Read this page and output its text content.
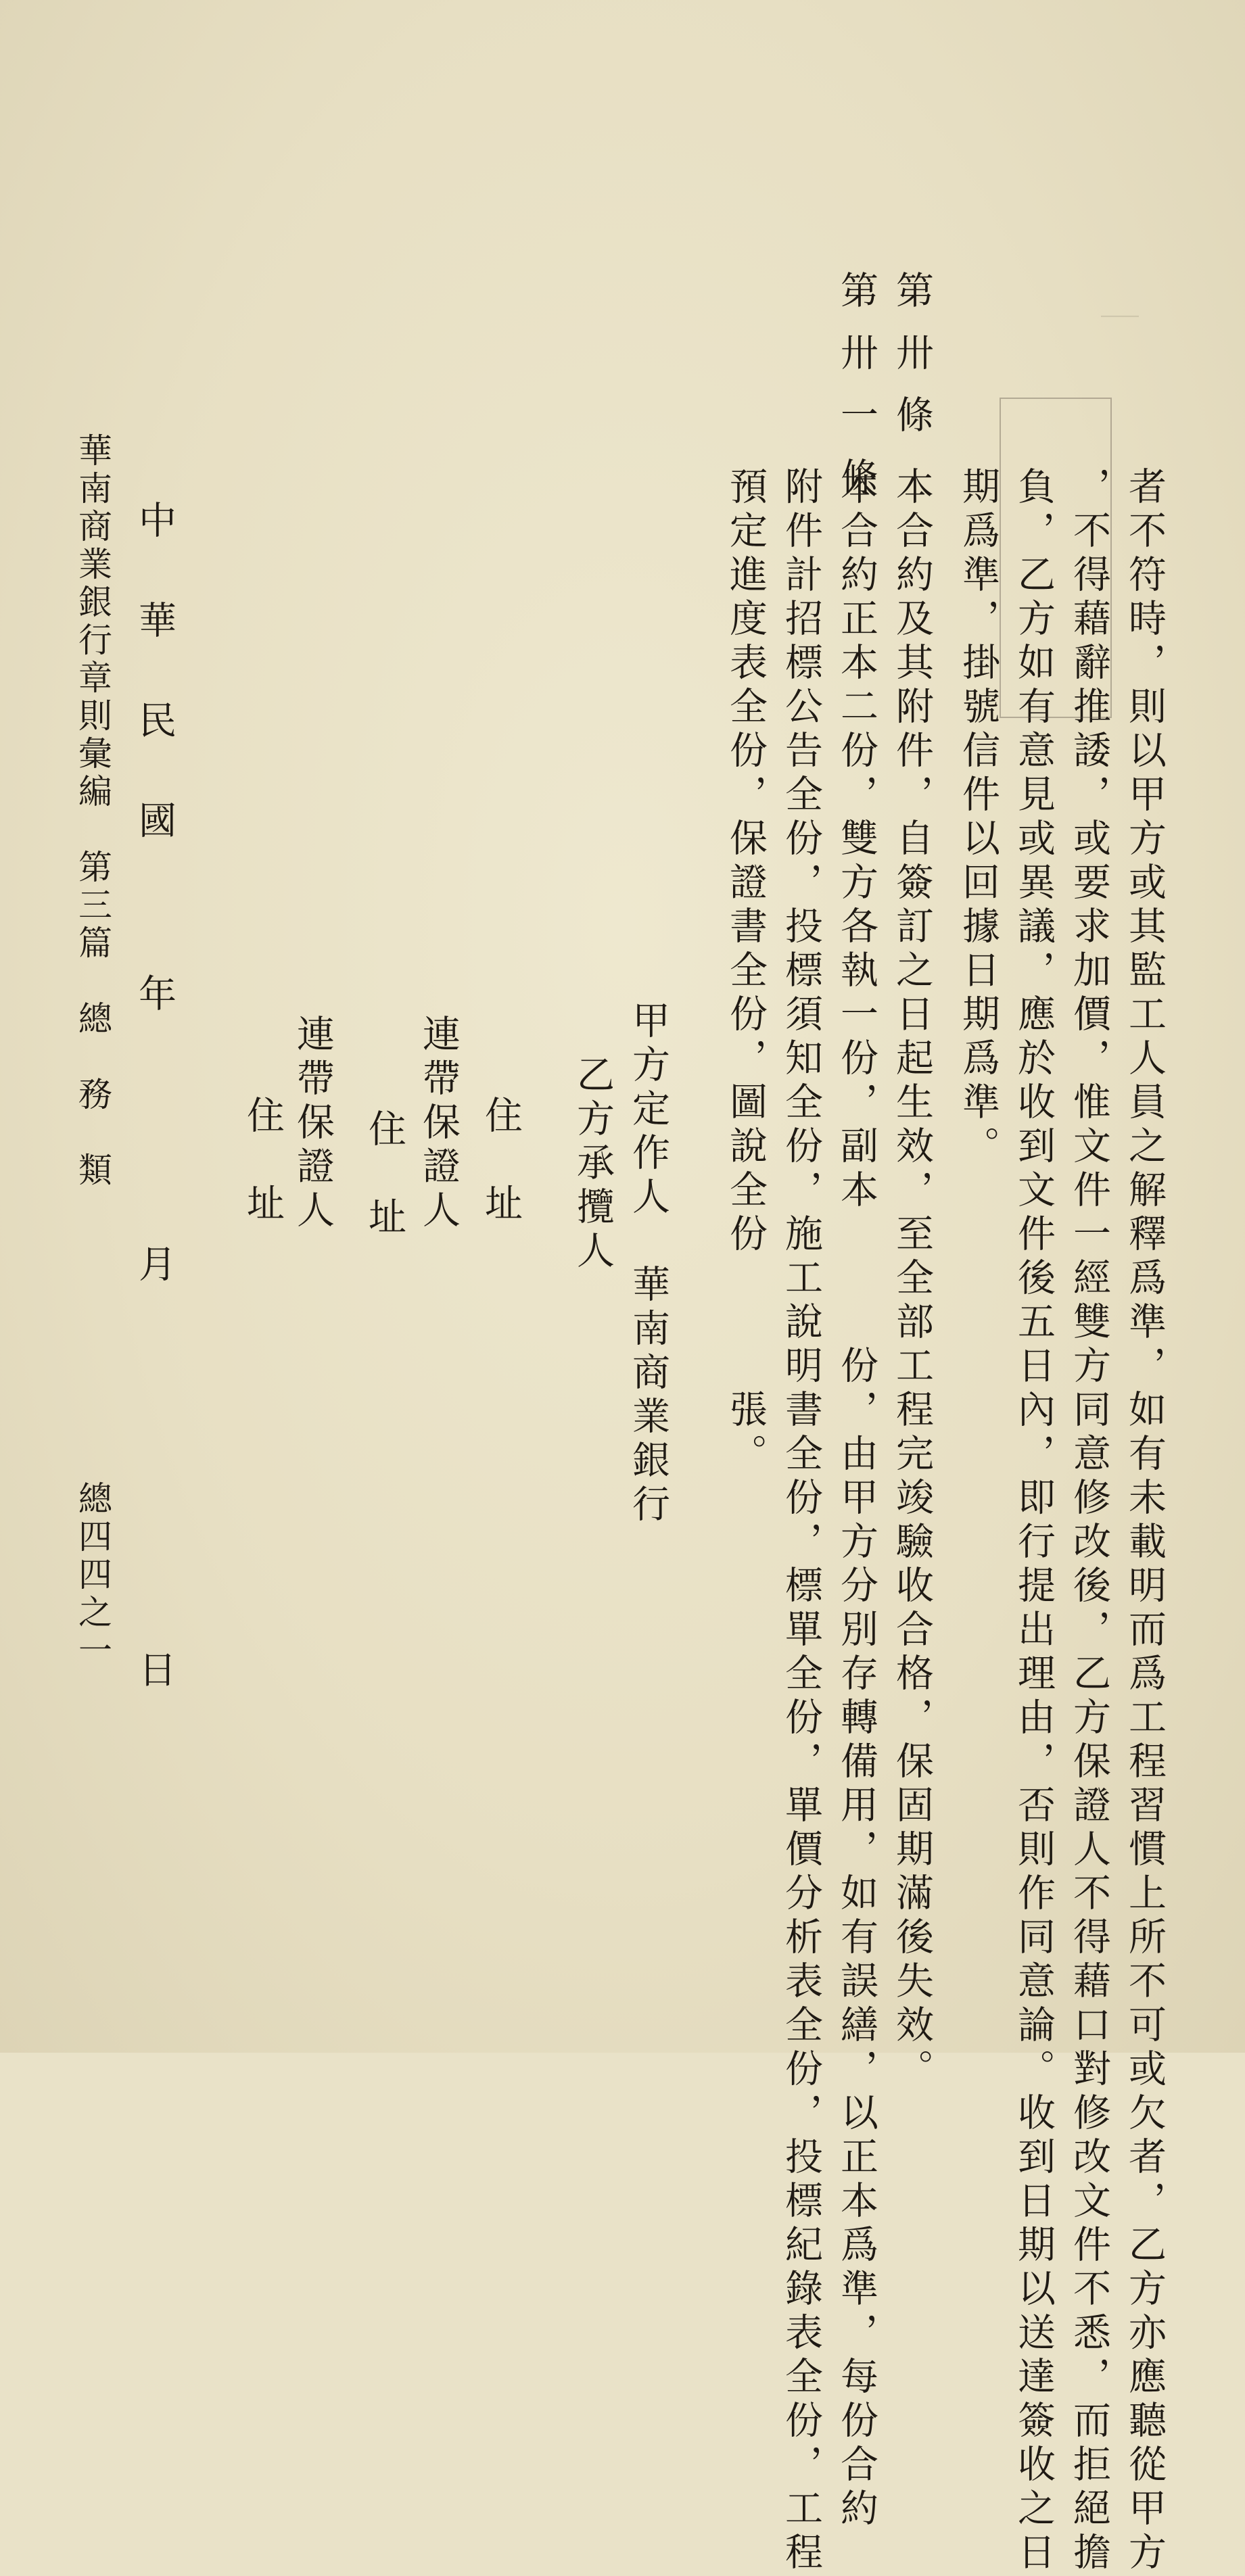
｜　　　　　
者不符時，則以甲方或其監工人員之解釋爲準，如有未載明而爲工程習慣上所不可或欠者，乙方亦應聽從甲方
，不得藉辭推諉，或要求加價，惟文件一經雙方同意修改後，乙方保證人不得藉口對修改文件不悉，而拒絕擔
負，乙方如有意見或異議，應於收到文件後五日內，即行提出理由，否則作同意論。收到日期以送達簽收之日
期爲準，掛號信件以回據日期爲準。
第卅條
本合約及其附件，自簽訂之日起生效，至全部工程完竣驗收合格，保固期滿後失效。
第卅一條
本合約正本二份，雙方各執一份，副本　　　份，由甲方分別存轉備用，如有誤繕，以正本爲準，每份合約
附件計招標公告全份，投標須知全份，施工說明書全份，標單全份，單價分析表全份，投標紀錄表全份，工程
預定進度表全份，保證書全份，圖說全份　　　張。
甲方定作人　華南商業銀行
乙方承攬人
住　址
連帶保證人
住　址
連帶保證人
住　址
中　華　民　國
年
月
日
華南商業銀行章則彙編　第三篇　總　務　類
總四四之一
